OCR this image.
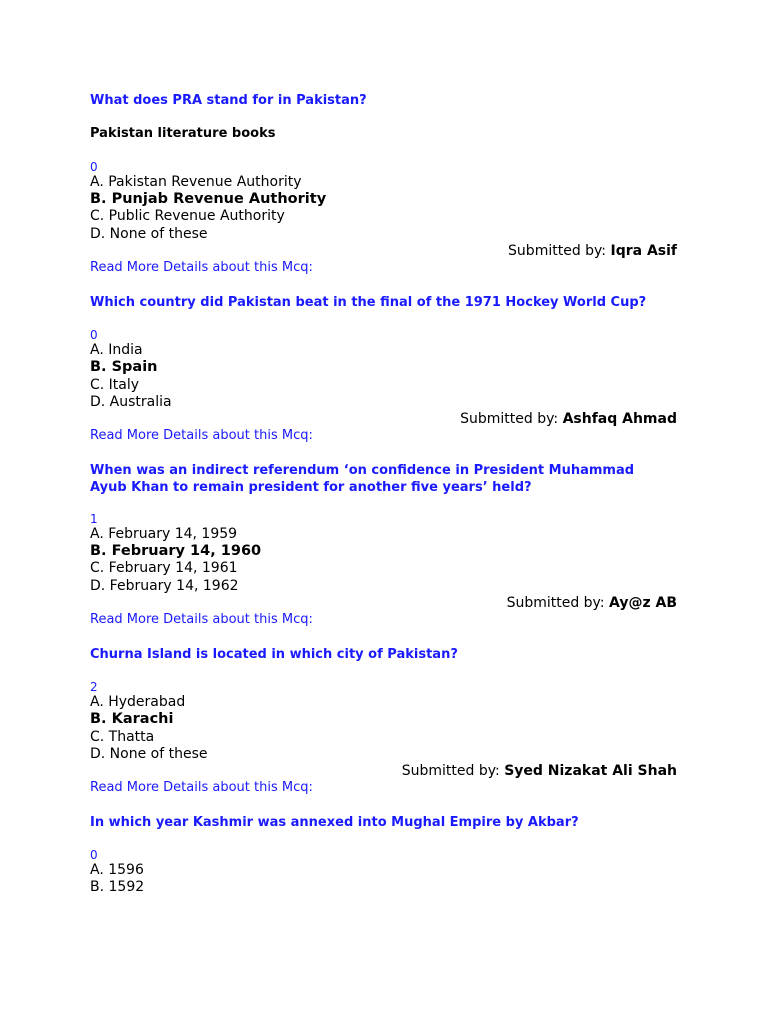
What does PRA stand for in Pakistan?
Pakistan literature books
0
A. Pakistan Revenue Authority
B. Punjab Revenue Authority
C. Public Revenue Authority
D. None of these
Submitted by: Iqra Asif
Read More Details about this Mcq:
Which country did Pakistan beat in the final of the 1971 Hockey World Cup?
0
A. India
B. Spain
C. Italy
D. Australia
Submitted by: Ashfaq Ahmad
Read More Details about this Mcq:
When was an indirect referendum ‘on confidence in President Muhammad Ayub Khan to remain president for another five years’ held?
1
A. February 14, 1959
B. February 14, 1960
C. February 14, 1961
D. February 14, 1962
Submitted by: Ay@z AB
Read More Details about this Mcq:
Churna Island is located in which city of Pakistan?
2
A. Hyderabad
B. Karachi
C. Thatta
D. None of these
Submitted by: Syed Nizakat Ali Shah
Read More Details about this Mcq:
In which year Kashmir was annexed into Mughal Empire by Akbar?
0
A. 1596
B. 1592
